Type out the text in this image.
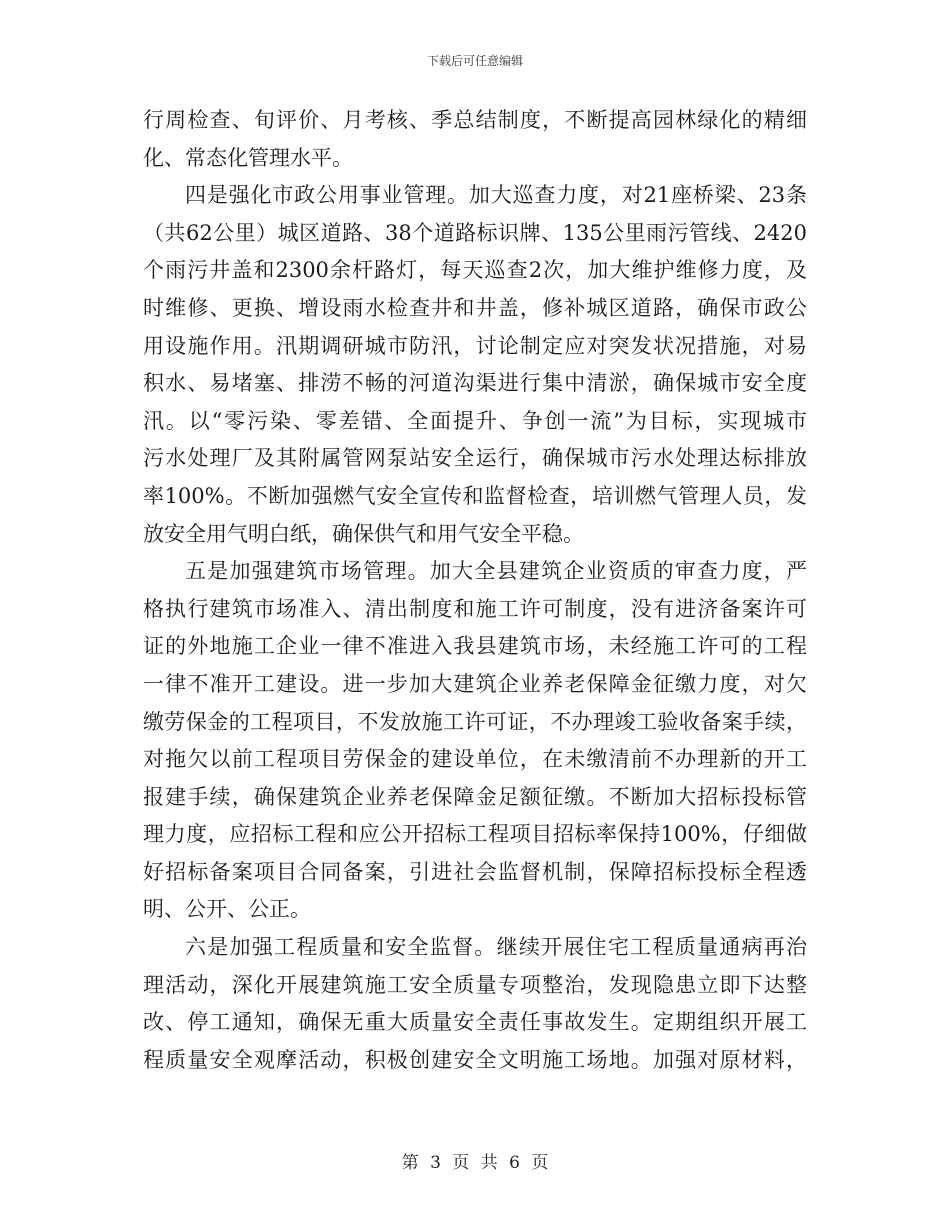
下载后可任意编辑
行周检查、旬评价、月考核、季总结制度，不断提高园林绿化的精细
化、常态化管理水平。
四是强化市政公用事业管理。加大巡查力度，对21座桥梁、23条
（共62公里）城区道路、38个道路标识牌、135公里雨污管线、2420
个雨污井盖和2300余杆路灯，每天巡查2次，加大维护维修力度，及
时维修、更换、增设雨水检查井和井盖，修补城区道路，确保市政公
用设施作用。汛期调研城市防汛，讨论制定应对突发状况措施，对易
积水、易堵塞、排涝不畅的河道沟渠进行集中清淤，确保城市安全度
汛。以“零污染、零差错、全面提升、争创一流”为目标，实现城市
污水处理厂及其附属管网泵站安全运行，确保城市污水处理达标排放
率100%。不断加强燃气安全宣传和监督检查，培训燃气管理人员，发
放安全用气明白纸，确保供气和用气安全平稳。
五是加强建筑市场管理。加大全县建筑企业资质的审查力度，严
格执行建筑市场准入、清出制度和施工许可制度，没有进济备案许可
证的外地施工企业一律不准进入我县建筑市场，未经施工许可的工程
一律不准开工建设。进一步加大建筑企业养老保障金征缴力度，对欠
缴劳保金的工程项目，不发放施工许可证，不办理竣工验收备案手续，
对拖欠以前工程项目劳保金的建设单位，在未缴清前不办理新的开工
报建手续，确保建筑企业养老保障金足额征缴。不断加大招标投标管
理力度，应招标工程和应公开招标工程项目招标率保持100%，仔细做
好招标备案项目合同备案，引进社会监督机制，保障招标投标全程透
明、公开、公正。
六是加强工程质量和安全监督。继续开展住宅工程质量通病再治
理活动，深化开展建筑施工安全质量专项整治，发现隐患立即下达整
改、停工通知，确保无重大质量安全责任事故发生。定期组织开展工
程质量安全观摩活动，积极创建安全文明施工场地。加强对原材料，
第 3 页 共 6 页
